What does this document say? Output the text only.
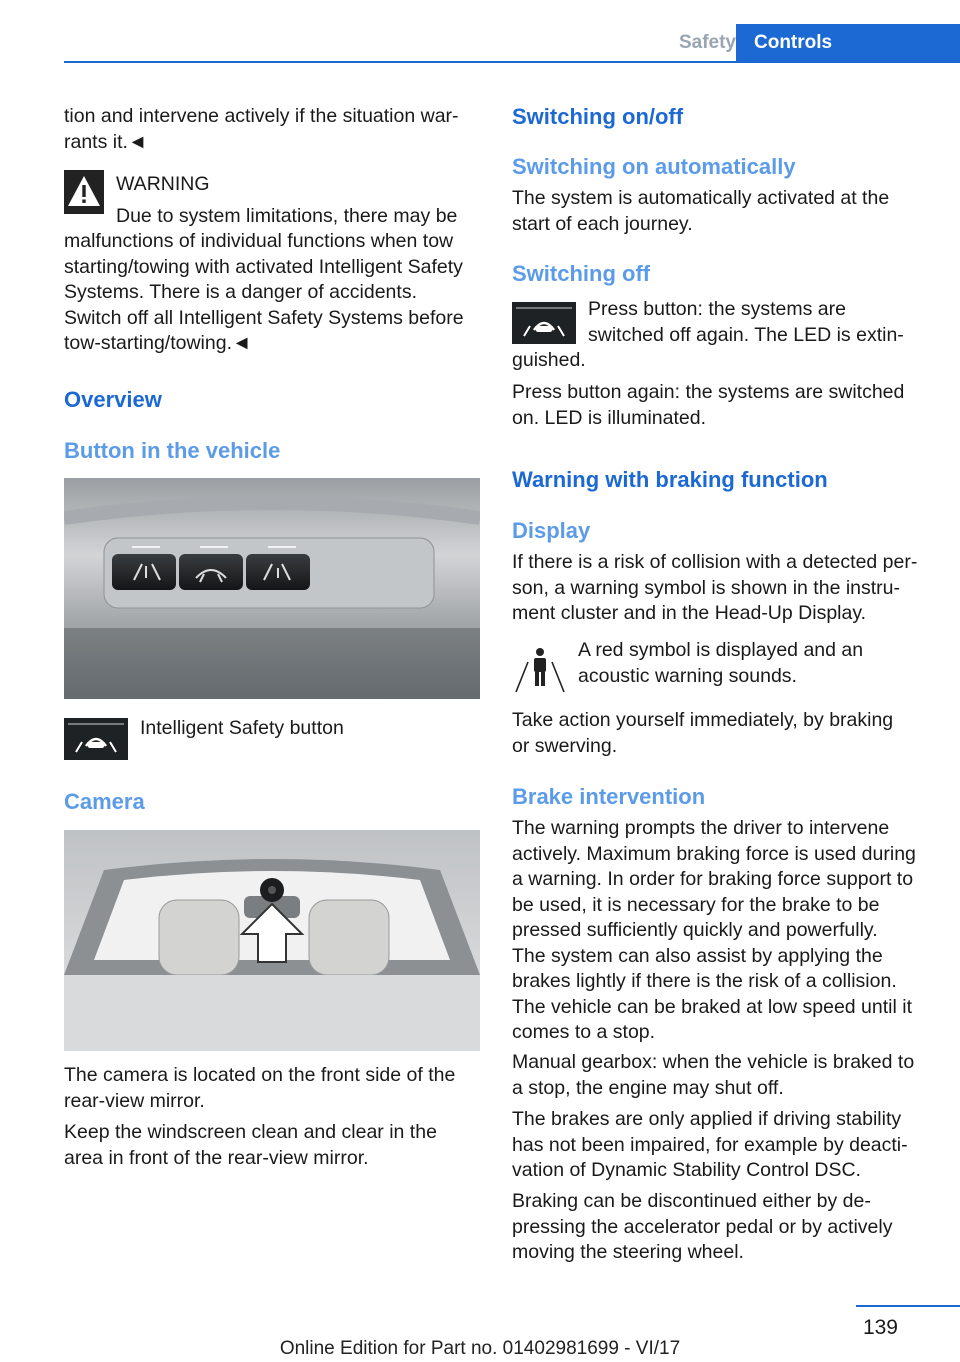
Safety Controls

tion and intervene actively if the situation war-
rants it.◄

WARNING

Due to system limitations, there may be

malfunctions of individual functions when tow
starting/towing with activated Intelligent Safety
Systems. There is a danger of accidents.
Switch off all Intelligent Safety Systems before
tow-starting/towing.◄

Overview
Button in the vehicle

Intelligent Safety button

Camera

The camera is located on the front side of the
rear-view mirror.

Keep the windscreen clean and clear in the
area in front of the rear-view mirror.

Switching on/off
Switching on automatically

The system is automatically activated at the
start of each journey.

Switching off

Press button: the systems are
switched off again. The LED is extin-

guished.

Press button again: the systems are switched
on. LED is illuminated.

Warning with braking function
Display

If there is a risk of collision with a detected per-
son, a warning symbol is shown in the instru-
ment cluster and in the Head-Up Display.

A red symbol is displayed and an
acoustic warning sounds.

Take action yourself immediately, by braking
or swerving.

Brake intervention

The warning prompts the driver to intervene
actively. Maximum braking force is used during
a warning. In order for braking force support to
be used, it is necessary for the brake to be
pressed sufficiently quickly and powerfully.
The system can also assist by applying the
brakes lightly if there is the risk of a collision.
The vehicle can be braked at low speed until it
comes to a stop.

Manual gearbox: when the vehicle is braked to
a stop, the engine may shut off.

The brakes are only applied if driving stability
has not been impaired, for example by deacti-
vation of Dynamic Stability Control DSC.

Braking can be discontinued either by de-
pressing the accelerator pedal or by actively
moving the steering wheel.

139
Online Edition for Part no. 01402981699 - VI/17
